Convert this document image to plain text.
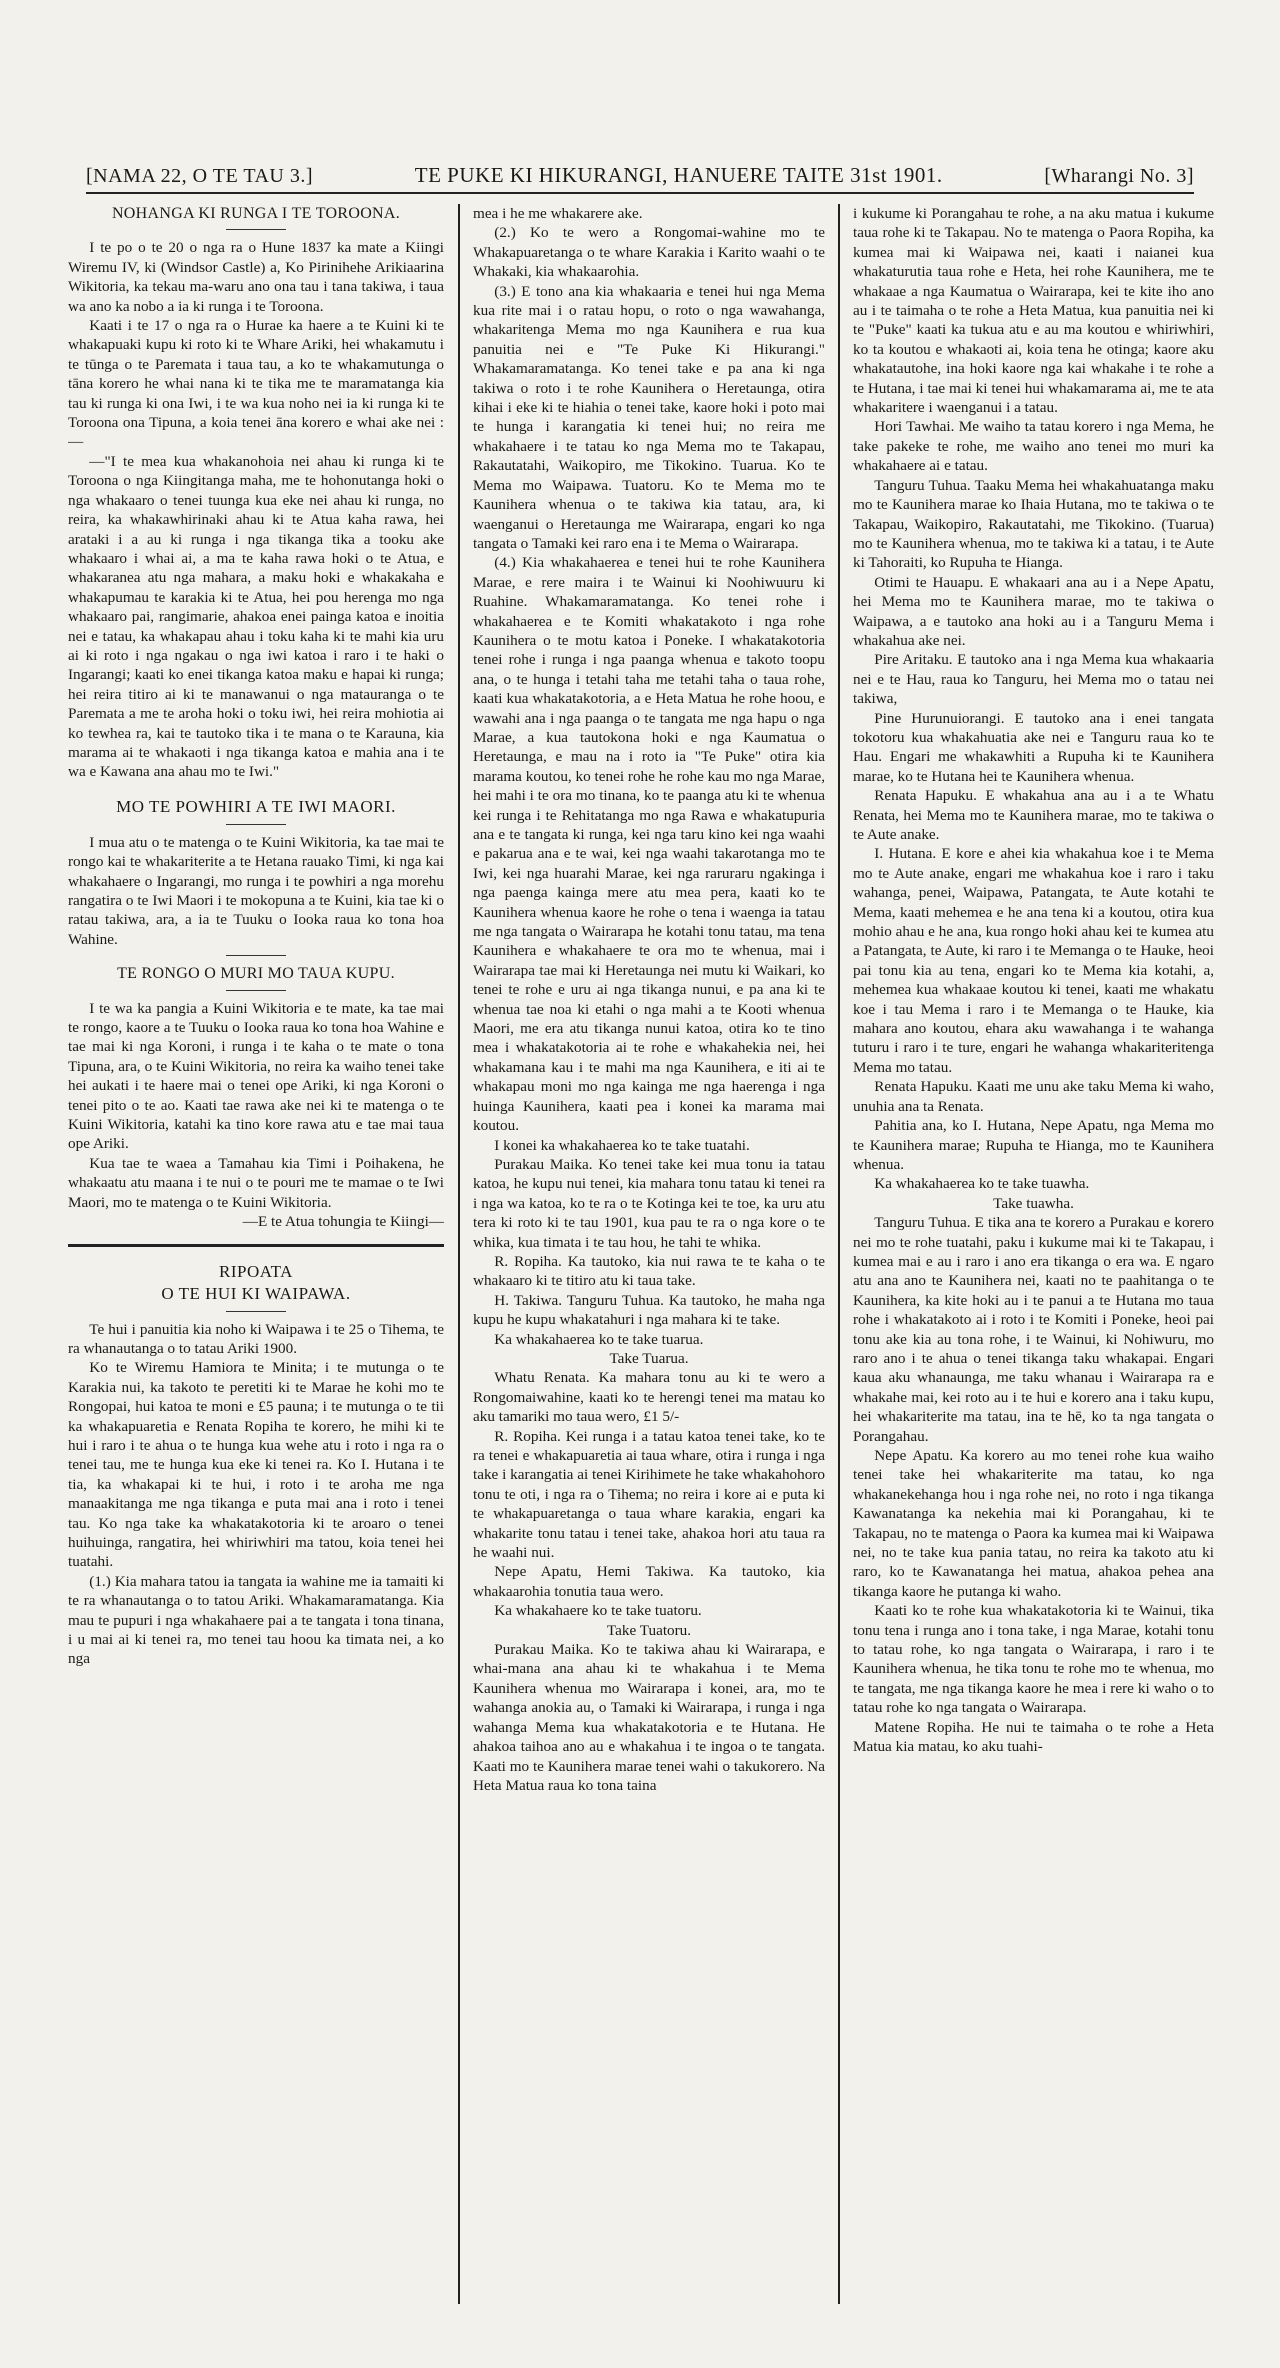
[NAMA 22, O TE TAU 3.]	TE PUKE KI HIKURANGI, HANUERE TAITE 31st 1901.	[Wharangi No. 3]

NOHANGA KI RUNGA I TE TOROONA.

I te po o te 20 o nga ra o Hune 1837 ka mate a Kiingi Wiremu IV, ki (Windsor Castle) a, Ko Pirinihehe Arikiaarina Wikitoria, ka tekau ma-waru ano ona tau i tana takiwa, i taua wa ano ka nobo a ia ki runga i te Toroona.

Kaati i te 17 o nga ra o Hurae ka haere a te Kuini ki te whakapuaki kupu ki roto ki te Whare Ariki, hei whakamutu i te tūnga o te Paremata i taua tau, a ko te whakamutunga o tāna korero he whai nana ki te tika me te maramatanga kia tau ki runga ki ona Iwi, i te wa kua noho nei ia ki runga ki te Toroona ona Tipuna, a koia tenei āna korero e whai ake nei :—

—"I te mea kua whakanohoia nei ahau ki runga ki te Toroona o nga Kiingitanga maha, me te hohonutanga hoki o nga whakaaro o tenei tuunga kua eke nei ahau ki runga, no reira, ka whakawhirinaki ahau ki te Atua kaha rawa, hei arataki i a au ki runga i nga tikanga tika a tooku ake whakaaro i whai ai, a ma te kaha rawa hoki o te Atua, e whakaranea atu nga mahara, a maku hoki e whakakaha e whakapumau te karakia ki te Atua, hei pou herenga mo nga whakaaro pai, rangimarie, ahakoa enei painga katoa e inoitia nei e tatau, ka whakapau ahau i toku kaha ki te mahi kia uru ai ki roto i nga ngakau o nga iwi katoa i raro i te haki o Ingarangi; kaati ko enei tikanga katoa maku e hapai ki runga; hei reira titiro ai ki te manawanui o nga matauranga o te Paremata a me te aroha hoki o toku iwi, hei reira mohiotia ai ko tewhea ra, kai te tautoko tika i te mana o te Karauna, kia marama ai te whakaoti i nga tikanga katoa e mahia ana i te wa e Kawana ana ahau mo te Iwi."

MO TE POWHIRI A TE IWI MAORI.

I mua atu o te matenga o te Kuini Wikitoria, ka tae mai te rongo kai te whakariterite a te Hetana rauako Timi, ki nga kai whakahaere o Ingarangi, mo runga i te powhiri a nga morehu rangatira o te Iwi Maori i te mokopuna a te Kuini, kia tae ki o ratau takiwa, ara, a ia te Tuuku o Iooka raua ko tona hoa Wahine.

TE RONGO O MURI MO TAUA KUPU.

I te wa ka pangia a Kuini Wikitoria e te mate, ka tae mai te rongo, kaore a te Tuuku o Iooka raua ko tona hoa Wahine e tae mai ki nga Koroni, i runga i te kaha o te mate o tona Tipuna, ara, o te Kuini Wikitoria, no reira ka waiho tenei take hei aukati i te haere mai o tenei ope Ariki, ki nga Koroni o tenei pito o te ao. Kaati tae rawa ake nei ki te matenga o te Kuini Wikitoria, katahi ka tino kore rawa atu e tae mai taua ope Ariki.

Kua tae te waea a Tamahau kia Timi i Poihakena, he whakaatu atu maana i te nui o te pouri me te mamae o te Iwi Maori, mo te matenga o te Kuini Wikitoria.

—E te Atua tohungia te Kiingi—

RIPOATA

O TE HUI KI WAIPAWA.

Te hui i panuitia kia noho ki Waipawa i te 25 o Tihema, te ra whanautanga o to tatau Ariki 1900.

Ko te Wiremu Hamiora te Minita; i te mutunga o te Karakia nui, ka takoto te peretiti ki te Marae he kohi mo te Rongopai, hui katoa te moni e £5 pauna; i te mutunga o te tii ka whakapuaretia e Renata Ropiha te korero, he mihi ki te hui i raro i te ahua o te hunga kua wehe atu i roto i nga ra o tenei tau, me te hunga kua eke ki tenei ra. Ko I. Hutana i te tia, ka whakapai ki te hui, i roto i te aroha me nga manaakitanga me nga tikanga e puta mai ana i roto i tenei tau. Ko nga take ka whakatakotoria ki te aroaro o tenei huihuinga, rangatira, hei whiriwhiri ma tatou, koia tenei hei tuatahi.

(1.) Kia mahara tatou ia tangata ia wahine me ia tamaiti ki te ra whanautanga o to tatou Ariki. Whakamaramatanga. Kia mau te pupuri i nga whakahaere pai a te tangata i tona tinana, i u mai ai ki tenei ra, mo tenei tau hoou ka timata nei, a ko nga

mea i he me whakarere ake.

(2.) Ko te wero a Rongomai-wahine mo te Whakapuaretanga o te whare Karakia i Karito waahi o te Whakaki, kia whakaarohia.

(3.) E tono ana kia whakaaria e tenei hui nga Mema kua rite mai i o ratau hopu, o roto o nga wawahanga, whakaritenga Mema mo nga Kaunihera e rua kua panuitia nei e "Te Puke Ki Hikurangi." Whakamaramatanga. Ko tenei take e pa ana ki nga takiwa o roto i te rohe Kaunihera o Heretaunga, otira kihai i eke ki te hiahia o tenei take, kaore hoki i poto mai te hunga i karangatia ki tenei hui; no reira me whakahaere i te tatau ko nga Mema mo te Takapau, Rakautatahi, Waikopiro, me Tikokino. Tuarua. Ko te Mema mo Waipawa. Tuatoru. Ko te Mema mo te Kaunihera whenua o te takiwa kia tatau, ara, ki waenganui o Heretaunga me Wairarapa, engari ko nga tangata o Tamaki kei raro ena i te Mema o Wairarapa.

(4.) Kia whakahaerea e tenei hui te rohe Kaunihera Marae, e rere maira i te Wainui ki Noohiwuuru ki Ruahine. Whakamaramatanga. Ko tenei rohe i whakahaerea e te Komiti whakatakoto i nga rohe Kaunihera o te motu katoa i Poneke. I whakatakotoria tenei rohe i runga i nga paanga whenua e takoto toopu ana, o te hunga i tetahi taha me tetahi taha o taua rohe, kaati kua whakatakotoria, a e Heta Matua he rohe hoou, e wawahi ana i nga paanga o te tangata me nga hapu o nga Marae, a kua tautokona hoki e nga Kaumatua o Heretaunga, e mau na i roto ia "Te Puke" otira kia marama koutou, ko tenei rohe he rohe kau mo nga Marae, hei mahi i te ora mo tinana, ko te paanga atu ki te whenua kei runga i te Rehitatanga mo nga Rawa e whakatupuria ana e te tangata ki runga, kei nga taru kino kei nga waahi e pakarua ana e te wai, kei nga waahi takarotanga mo te Iwi, kei nga huarahi Marae, kei nga raruraru ngakinga i nga paenga kainga mere atu mea pera, kaati ko te Kaunihera whenua kaore he rohe o tena i waenga ia tatau me nga tangata o Wairarapa he kotahi tonu tatau, ma tena Kaunihera e whakahaere te ora mo te whenua, mai i Wairarapa tae mai ki Heretaunga nei mutu ki Waikari, ko tenei te rohe e uru ai nga tikanga nunui, e pa ana ki te whenua tae noa ki etahi o nga mahi a te Kooti whenua Maori, me era atu tikanga nunui katoa, otira ko te tino mea i whakatakotoria ai te rohe e whakahekia nei, hei whakamana kau i te mahi ma nga Kaunihera, e iti ai te whakapau moni mo nga kainga me nga haerenga i nga huinga Kaunihera, kaati pea i konei ka marama mai koutou.

I konei ka whakahaerea ko te take tuatahi.

Purakau Maika. Ko tenei take kei mua tonu ia tatau katoa, he kupu nui tenei, kia mahara tonu tatau ki tenei ra i nga wa katoa, ko te ra o te Kotinga kei te toe, ka uru atu tera ki roto ki te tau 1901, kua pau te ra o nga kore o te whika, kua timata i te tau hou, he tahi te whika.

R. Ropiha. Ka tautoko, kia nui rawa te te kaha o te whakaaro ki te titiro atu ki taua take.

H. Takiwa. Tanguru Tuhua. Ka tautoko, he maha nga kupu he kupu whakatahuri i nga mahara ki te take.

Ka whakahaerea ko te take tuarua.

Take Tuarua.

Whatu Renata. Ka mahara tonu au ki te wero a Rongomaiwahine, kaati ko te herengi tenei ma matau ko aku tamariki mo taua wero, £1 5/-

R. Ropiha. Kei runga i a tatau katoa tenei take, ko te ra tenei e whakapuaretia ai taua whare, otira i runga i nga take i karangatia ai tenei Kirihimete he take whakahohoro tonu te oti, i nga ra o Tihema; no reira i kore ai e puta ki te whakapuaretanga o taua whare karakia, engari ka whakarite tonu tatau i tenei take, ahakoa hori atu taua ra he waahi nui.

Nepe Apatu, Hemi Takiwa. Ka tautoko, kia whakaarohia tonutia taua wero.

Ka whakahaere ko te take tuatoru.

Take Tuatoru.

Purakau Maika. Ko te takiwa ahau ki Wairarapa, e whai-mana ana ahau ki te whakahua i te Mema Kaunihera whenua mo Wairarapa i konei, ara, mo te wahanga anokia au, o Tamaki ki Wairarapa, i runga i nga wahanga Mema kua whakatakotoria e te Hutana. He ahakoa taihoa ano au e whakahua i te ingoa o te tangata. Kaati mo te Kaunihera marae tenei wahi o takukorero. Na Heta Matua raua ko tona taina

i kukume ki Porangahau te rohe, a na aku matua i kukume taua rohe ki te Takapau. No te matenga o Paora Ropiha, ka kumea mai ki Waipawa nei, kaati i naianei kua whakaturutia taua rohe e Heta, hei rohe Kaunihera, me te whakaae a nga Kaumatua o Wairarapa, kei te kite iho ano au i te taimaha o te rohe a Heta Matua, kua panuitia nei ki te "Puke" kaati ka tukua atu e au ma koutou e whiriwhiri, ko ta koutou e whakaoti ai, koia tena he otinga; kaore aku whakatautohe, ina hoki kaore nga kai whakahe i te rohe a te Hutana, i tae mai ki tenei hui whakamarama ai, me te ata whakaritere i waenganui i a tatau.

Hori Tawhai. Me waiho ta tatau korero i nga Mema, he take pakeke te rohe, me waiho ano tenei mo muri ka whakahaere ai e tatau.

Tanguru Tuhua. Taaku Mema hei whakahuatanga maku mo te Kaunihera marae ko Ihaia Hutana, mo te takiwa o te Takapau, Waikopiro, Rakautatahi, me Tikokino. (Tuarua) mo te Kaunihera whenua, mo te takiwa ki a tatau, i te Aute ki Tahoraiti, ko Rupuha te Hianga.

Otimi te Hauapu. E whakaari ana au i a Nepe Apatu, hei Mema mo te Kaunihera marae, mo te takiwa o Waipawa, a e tautoko ana hoki au i a Tanguru Mema i whakahua ake nei.

Pire Aritaku. E tautoko ana i nga Mema kua whakaaria nei e te Hau, raua ko Tanguru, hei Mema mo o tatau nei takiwa,

Pine Hurunuiorangi. E tautoko ana i enei tangata tokotoru kua whakahuatia ake nei e Tanguru raua ko te Hau. Engari me whakawhiti a Rupuha ki te Kaunihera marae, ko te Hutana hei te Kaunihera whenua.

Renata Hapuku. E whakahua ana au i a te Whatu Renata, hei Mema mo te Kaunihera marae, mo te takiwa o te Aute anake.

I. Hutana. E kore e ahei kia whakahua koe i te Mema mo te Aute anake, engari me whakahua koe i raro i taku wahanga, penei, Waipawa, Patangata, te Aute kotahi te Mema, kaati mehemea e he ana tena ki a koutou, otira kua mohio ahau e he ana, kua rongo hoki ahau kei te kumea atu a Patangata, te Aute, ki raro i te Memanga o te Hauke, heoi pai tonu kia au tena, engari ko te Mema kia kotahi, a, mehemea kua whakaae koutou ki tenei, kaati me whakatu koe i tau Mema i raro i te Memanga o te Hauke, kia mahara ano koutou, ehara aku wawahanga i te wahanga tuturu i raro i te ture, engari he wahanga whakariteritenga Mema mo tatau.

Renata Hapuku. Kaati me unu ake taku Mema ki waho, unuhia ana ta Renata.

Pahitia ana, ko I. Hutana, Nepe Apatu, nga Mema mo te Kaunihera marae; Rupuha te Hianga, mo te Kaunihera whenua.

Ka whakahaerea ko te take tuawha.

Take tuawha.

Tanguru Tuhua. E tika ana te korero a Purakau e korero nei mo te rohe tuatahi, paku i kukume mai ki te Takapau, i kumea mai e au i raro i ano era tikanga o era wa. E ngaro atu ana ano te Kaunihera nei, kaati no te paahitanga o te Kaunihera, ka kite hoki au i te panui a te Hutana mo taua rohe i whakatakoto ai i roto i te Komiti i Poneke, heoi pai tonu ake kia au tona rohe, i te Wainui, ki Nohiwuru, mo raro ano i te ahua o tenei tikanga taku whakapai. Engari kaua aku whanaunga, me taku whanau i Wairarapa ra e whakahe mai, kei roto au i te hui e korero ana i taku kupu, hei whakariterite ma tatau, ina te hē, ko ta nga tangata o Porangahau.

Nepe Apatu. Ka korero au mo tenei rohe kua waiho tenei take hei whakariterite ma tatau, ko nga whakanekehanga hou i nga rohe nei, no roto i nga tikanga Kawanatanga ka nekehia mai ki Porangahau, ki te Takapau, no te matenga o Paora ka kumea mai ki Waipawa nei, no te take kua pania tatau, no reira ka takoto atu ki raro, ko te Kawanatanga hei matua, ahakoa pehea ana tikanga kaore he putanga ki waho.

Kaati ko te rohe kua whakatakotoria ki te Wainui, tika tonu tena i runga ano i tona take, i nga Marae, kotahi tonu to tatau rohe, ko nga tangata o Wairarapa, i raro i te Kaunihera whenua, he tika tonu te rohe mo te whenua, mo te tangata, me nga tikanga kaore he mea i rere ki waho o to tatau rohe ko nga tangata o Wairarapa.

Matene Ropiha. He nui te taimaha o te rohe a Heta Matua kia matau, ko aku tuahi-
